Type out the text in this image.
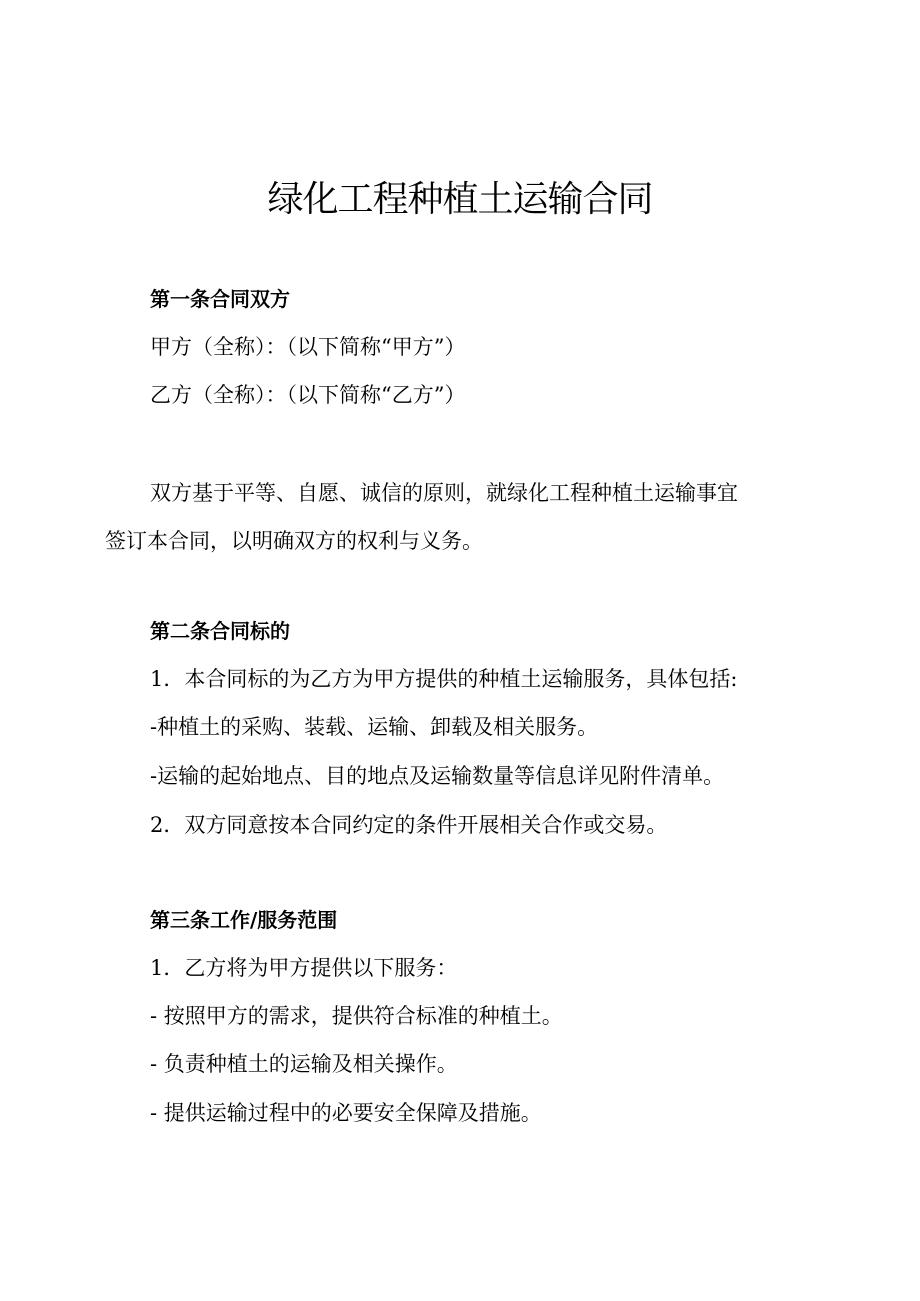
绿化工程种植土运输合同

第一条合同双方

甲方（全称）：（以下简称“甲方”）

乙方（全称）：（以下简称“乙方”）

双方基于平等、自愿、诚信的原则，就绿化工程种植土运输事宜

签订本合同，以明确双方的权利与义务。

第二条合同标的

1．本合同标的为乙方为甲方提供的种植土运输服务，具体包括:

-种植土的采购、装载、运输、卸载及相关服务。

-运输的起始地点、目的地点及运输数量等信息详见附件清单。

2．双方同意按本合同约定的条件开展相关合作或交易。

第三条工作/服务范围

1．乙方将为甲方提供以下服务：

- 按照甲方的需求，提供符合标准的种植土。

- 负责种植土的运输及相关操作。

- 提供运输过程中的必要安全保障及措施。
